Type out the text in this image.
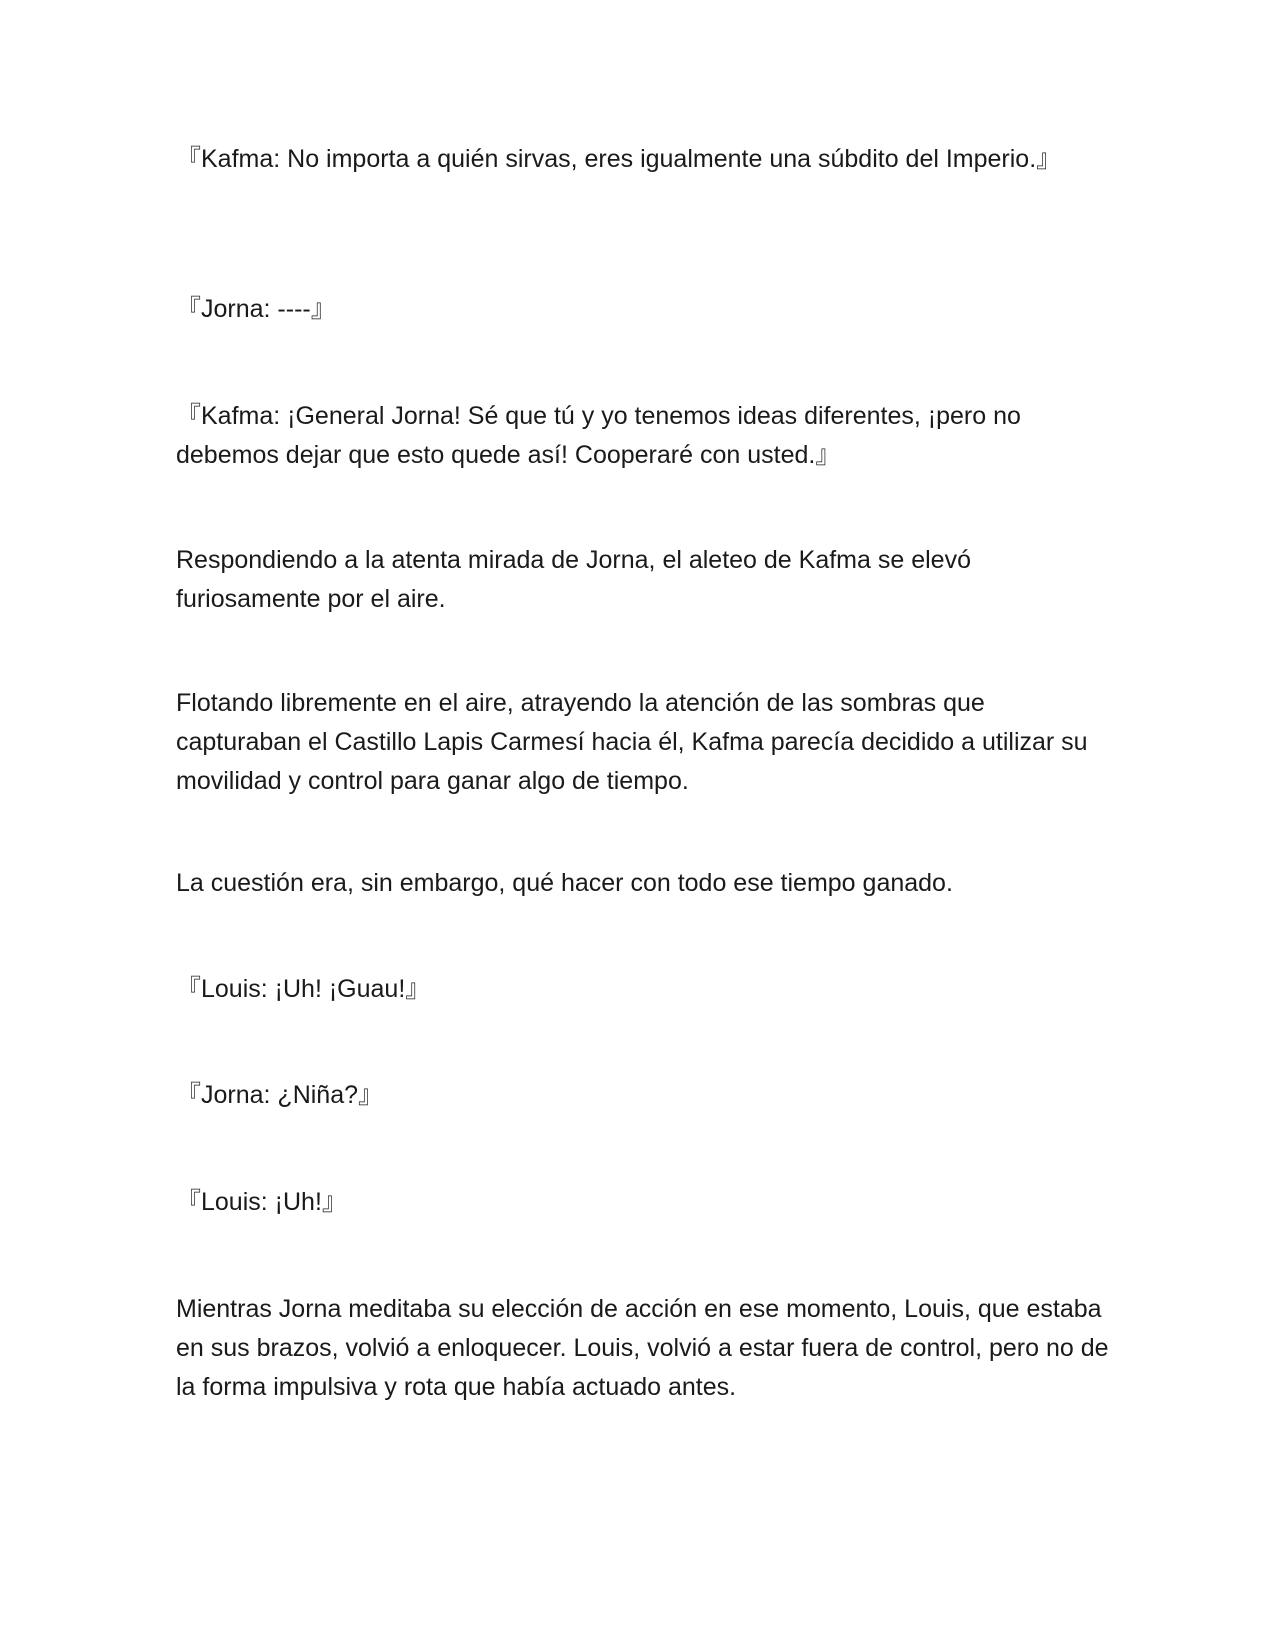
『Kafma: No importa a quién sirvas, eres igualmente una súbdito del Imperio.』

『Jorna: ----』

『Kafma: ¡General Jorna! Sé que tú y yo tenemos ideas diferentes, ¡pero no debemos dejar que esto quede así! Cooperaré con usted.』

Respondiendo a la atenta mirada de Jorna, el aleteo de Kafma se elevó furiosamente por el aire.

Flotando libremente en el aire, atrayendo la atención de las sombras que capturaban el Castillo Lapis Carmesí hacia él, Kafma parecía decidido a utilizar su movilidad y control para ganar algo de tiempo.

La cuestión era, sin embargo, qué hacer con todo ese tiempo ganado.

『Louis: ¡Uh! ¡Guau!』

『Jorna: ¿Niña?』

『Louis: ¡Uh!』

Mientras Jorna meditaba su elección de acción en ese momento, Louis, que estaba en sus brazos, volvió a enloquecer. Louis, volvió a estar fuera de control, pero no de la forma impulsiva y rota que había actuado antes.
